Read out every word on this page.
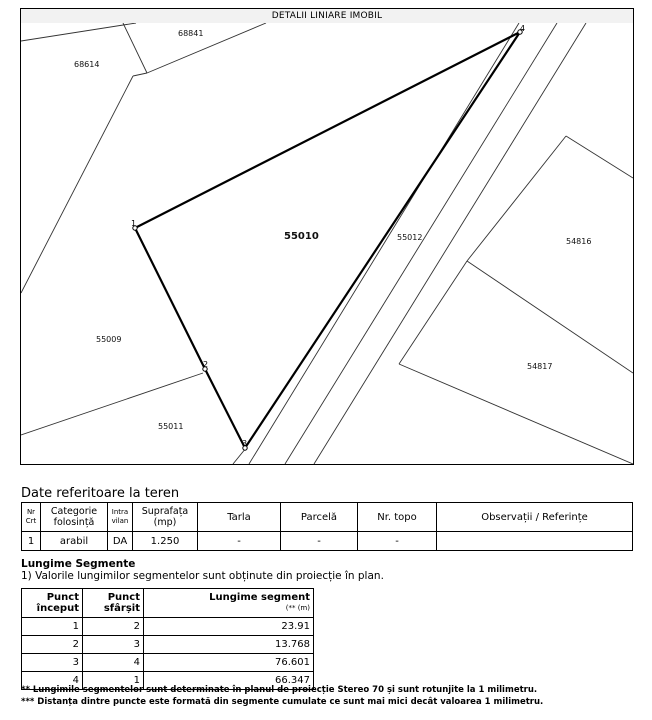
DETALII LINIARE IMOBIL
68841
68614
55010	55012	54816
55009
54817
55011
1
2
3
4
Date referitoare la teren
Nr Crt	Categorie folosință	Intra vilan	Suprafața (mp)	Tarla	Parcelă	Nr. topo	Observații / Referințe
1	arabil	DA	1.250	-	-	-	
Lungime Segmente
1) Valorile lungimilor segmentelor sunt obținute din proiecție în plan.
Punct început	Punct sfârșit	Lungime segment
(** (m)

1	2	23.91
2	3	13.768
3	4	76.601
4	1	66.347
** Lungimile segmentelor sunt determinate în planul de proiecție Stereo 70 și sunt rotunjite la 1 milimetru.
*** Distanța dintre puncte este formată din segmente cumulate ce sunt mai mici decât valoarea 1 milimetru.
